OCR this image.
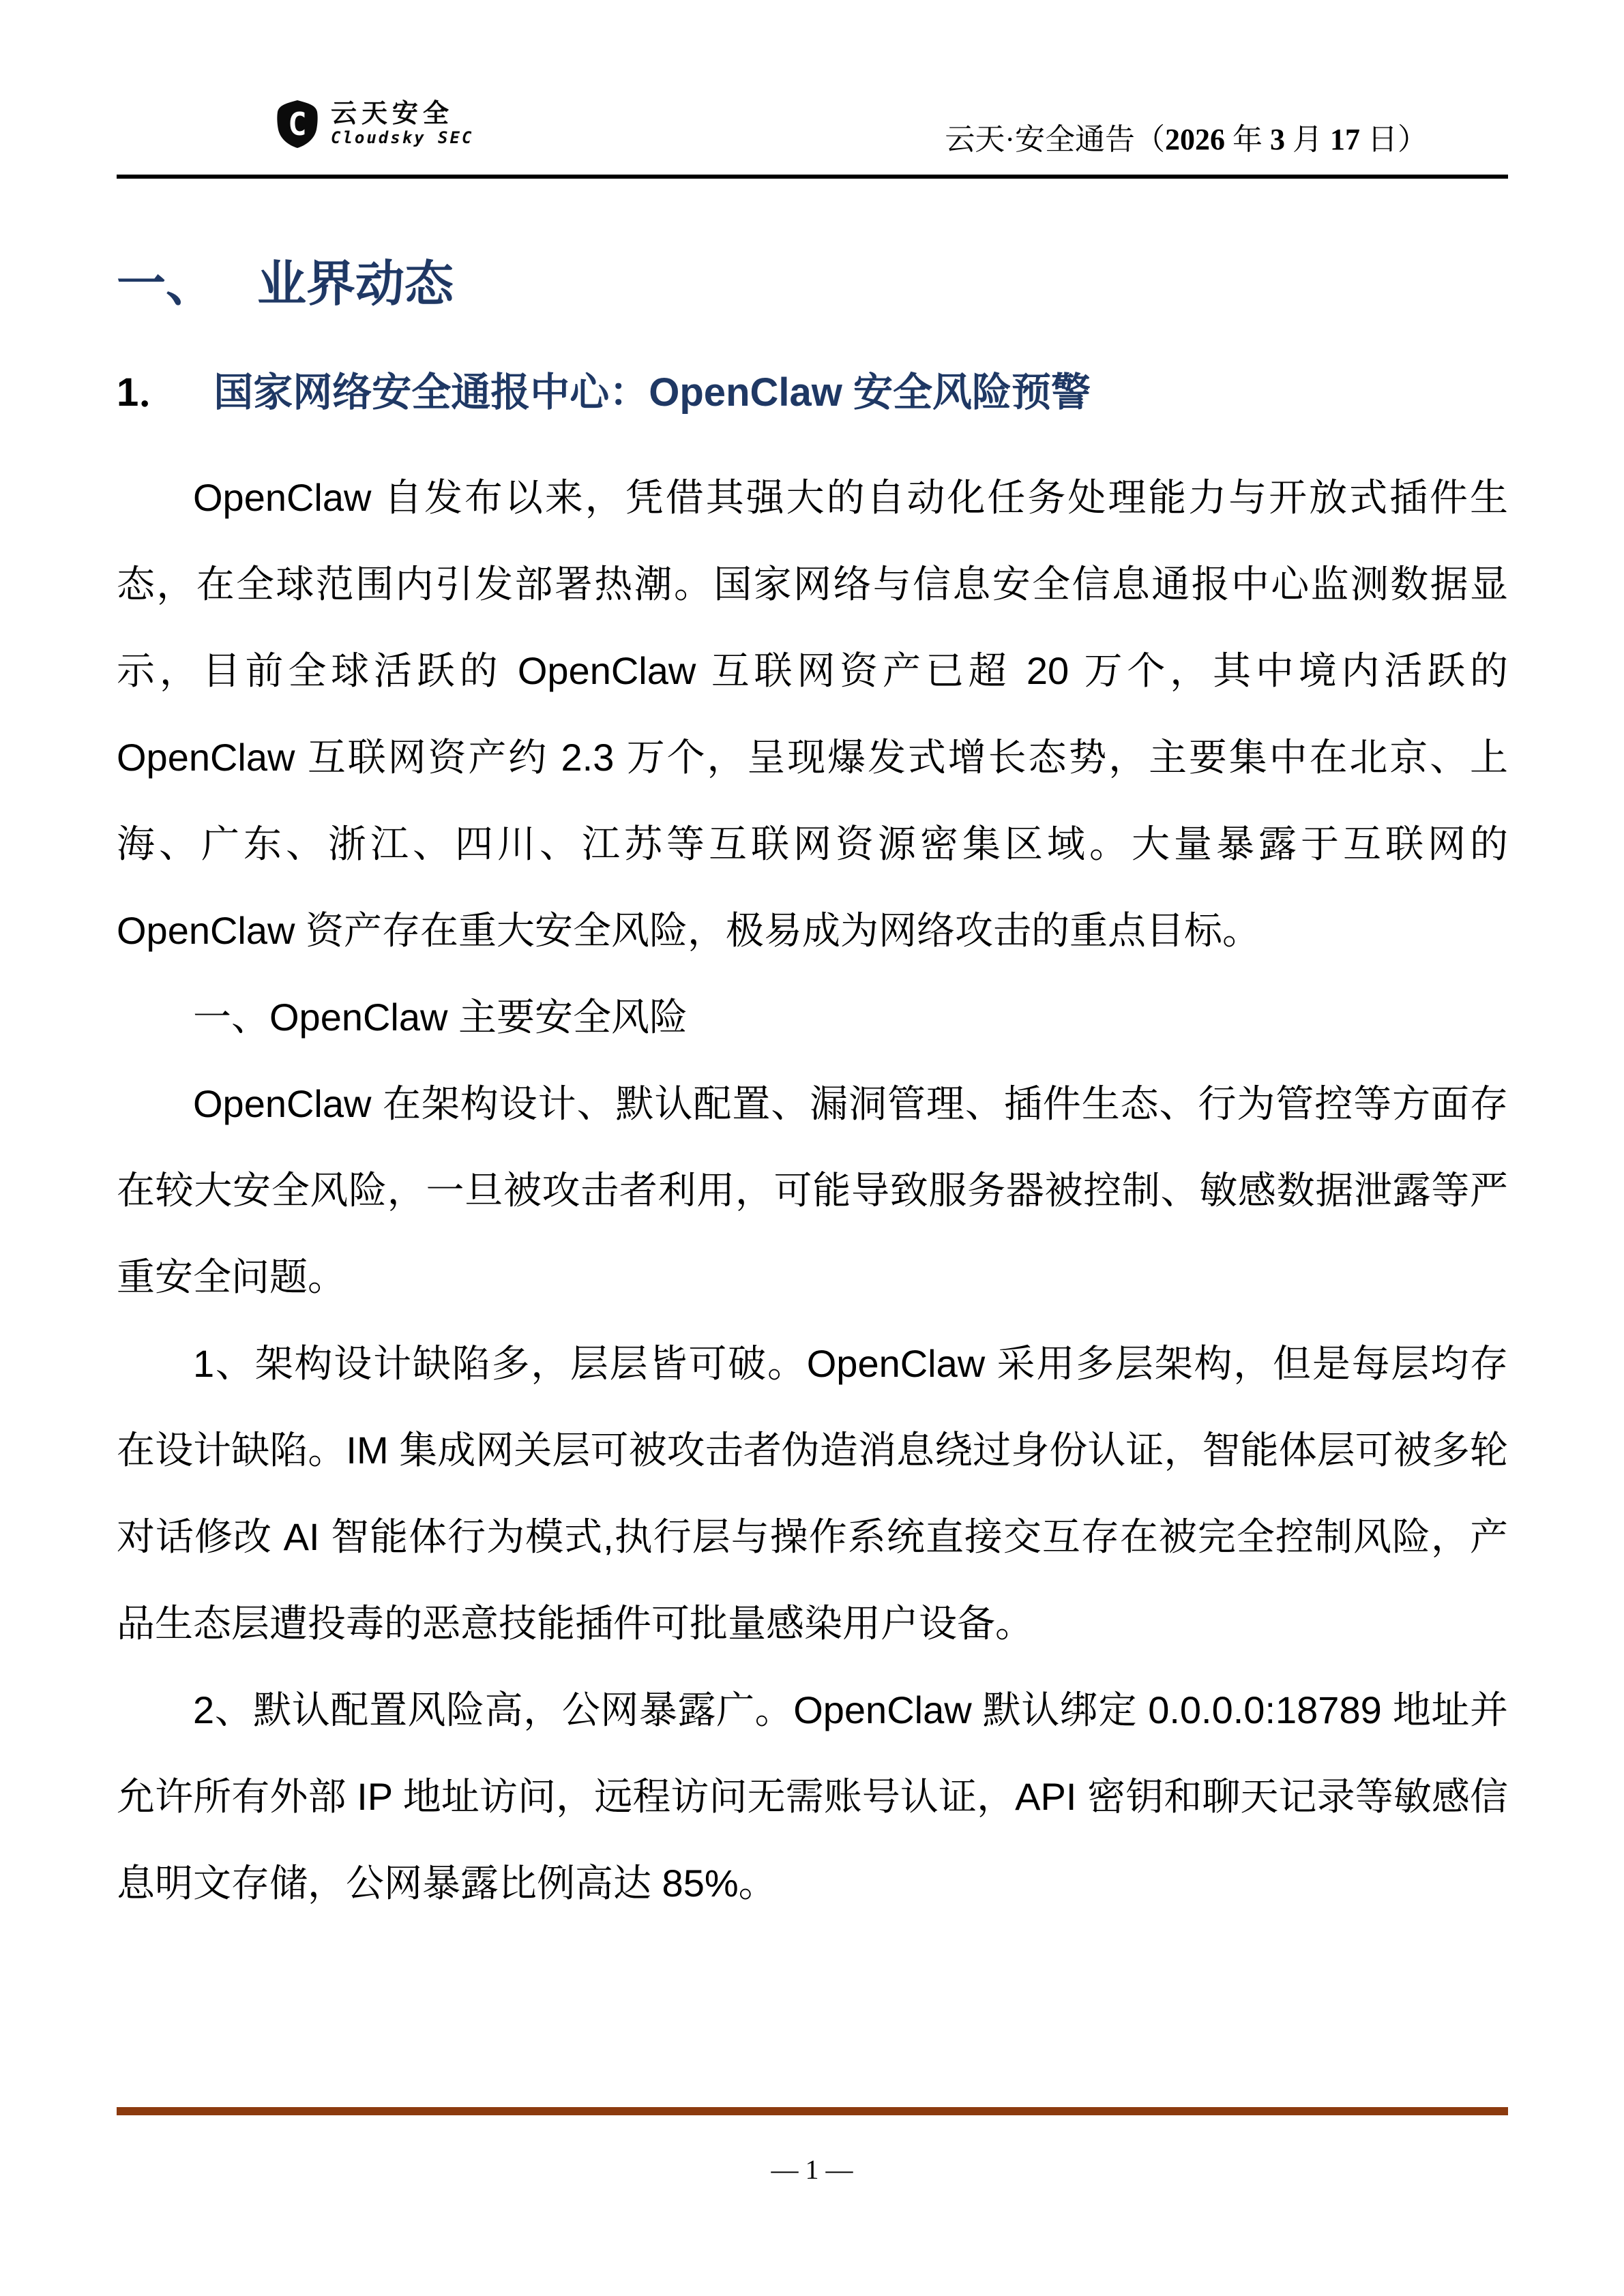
C 云天安全
Cloudsky SEC	云天·安全通告（2026 年 3 月 17 日）
一、 业界动态
1． 国家网络安全通报中心：OpenClaw 安全风险预警

OpenClaw 自发布以来，凭借其强大的自动化任务处理能力与开放式插件生态，在全球范围内引发部署热潮。国家网络与信息安全信息通报中心监测数据显示，目前全球活跃的 OpenClaw 互联网资产已超 20 万个，其中境内活跃的 OpenClaw 互联网资产约 2.3 万个，呈现爆发式增长态势，主要集中在北京、上海、广东、浙江、四川、江苏等互联网资源密集区域。大量暴露于互联网的 OpenClaw 资产存在重大安全风险，极易成为网络攻击的重点目标。

一、OpenClaw 主要安全风险

OpenClaw 在架构设计、默认配置、漏洞管理、插件生态、行为管控等方面存在较大安全风险，一旦被攻击者利用，可能导致服务器被控制、敏感数据泄露等严重安全问题。

1、架构设计缺陷多，层层皆可破。OpenClaw 采用多层架构，但是每层均存在设计缺陷。IM 集成网关层可被攻击者伪造消息绕过身份认证，智能体层可被多轮对话修改 AI 智能体行为模式,执行层与操作系统直接交互存在被完全控制风险，产品生态层遭投毒的恶意技能插件可批量感染用户设备。

2、默认配置风险高，公网暴露广。OpenClaw 默认绑定 0.0.0.0:18789 地址并允许所有外部 IP 地址访问，远程访问无需账号认证，API 密钥和聊天记录等敏感信息明文存储，公网暴露比例高达 85%。

— 1 —
